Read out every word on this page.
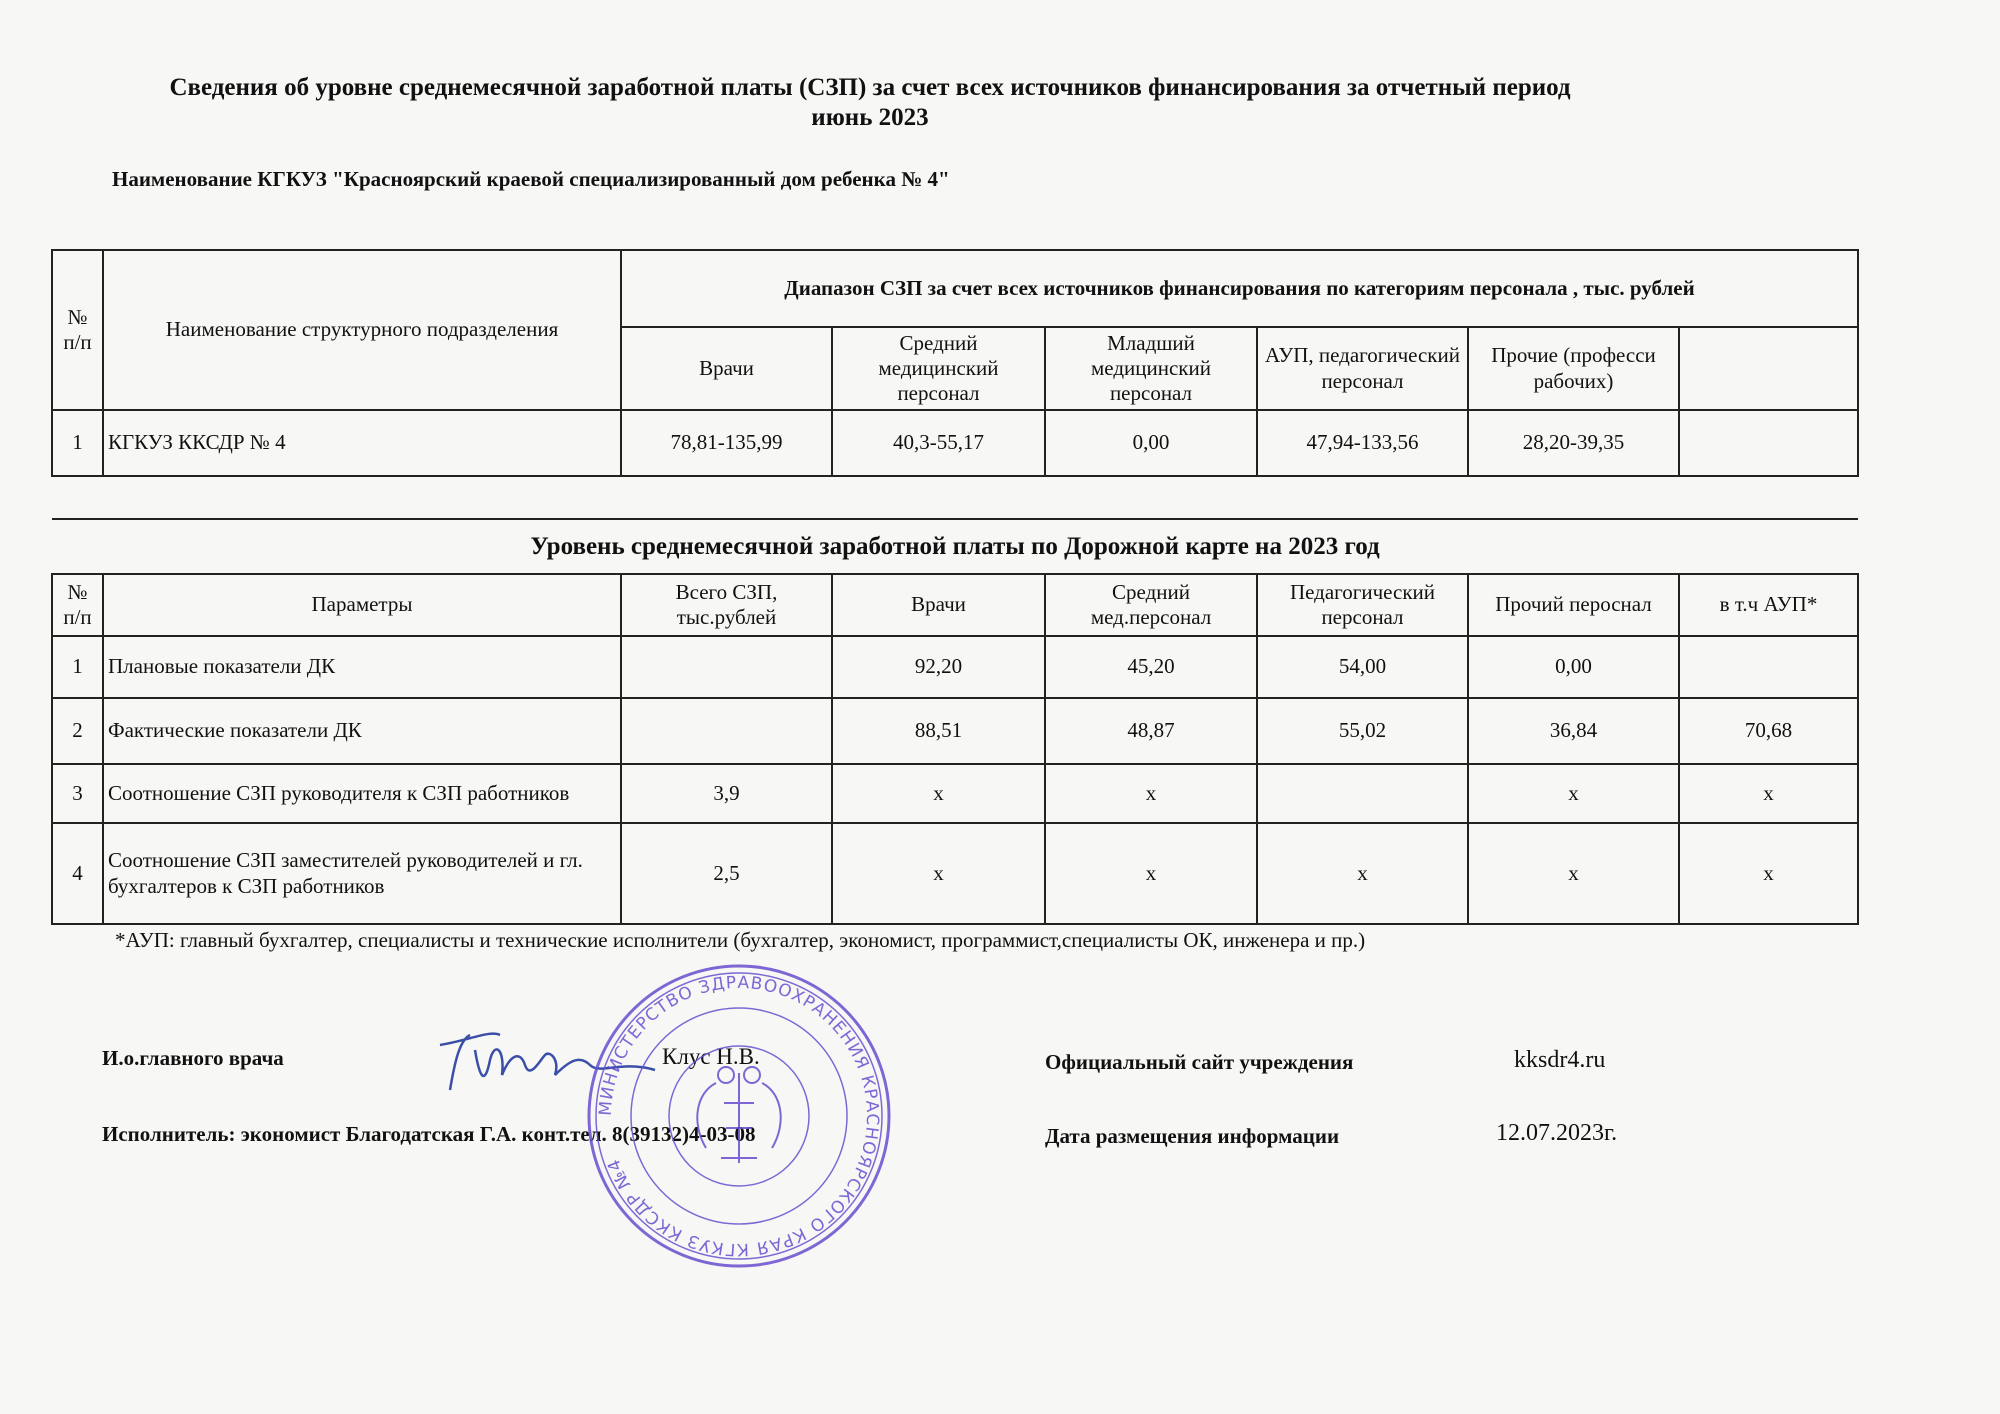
Сведения об уровне среднемесячной заработной платы (СЗП) за счет всех источников финансирования за отчетный период
июнь 2023
Наименование КГКУЗ "Красноярский краевой специализированный дом ребенка № 4"
№ п/п	Наименование структурного подразделения	Диапазон СЗП за счет всех источников финансирования по категориям персонала , тыс. рублей					
		Врачи	Средний медицинский персонал	Младший медицинский персонал	АУП, педагогический персонал	Прочие (професси рабочих)	
1	КГКУЗ ККСДР № 4	78,81-135,99	40,3-55,17	0,00	47,94-133,56	28,20-39,35	
Уровень среднемесячной заработной платы по Дорожной карте на 2023 год							
№ п/п	Параметры	Всего СЗП, тыс.рублей	Врачи	Средний мед.персонал	Педагогический персонал	Прочий пероснал	в т.ч АУП*
1	Плановые показатели ДК		92,20	45,20	54,00	0,00	
2	Фактические показатели ДК		88,51	48,87	55,02	36,84	70,68
3	Соотношение СЗП руководителя к СЗП работников	3,9	x	x		x	x
4	Соотношение СЗП заместителей руководителей и гл. бухгалтеров к СЗП работников	2,5	x	x	x	x	x
*АУП: главный бухгалтер, специалисты и технические исполнители (бухгалтер, экономист, программист,специалисты ОК, инженера и пр.)
И.о.главного врача	Клус Н.В.
Исполнитель: экономист Благодатская Г.А. конт.тел. 8(39132)4-03-08
Официальный сайт учреждения	kksdr4.ru
Дата размещения информации	12.07.2023г.
МИНИСТЕРСТВО ЗДРАВООХРАНЕНИЯ КРАСНОЯРСКОГО КРАЯ КГКУЗ ККСДР №4
